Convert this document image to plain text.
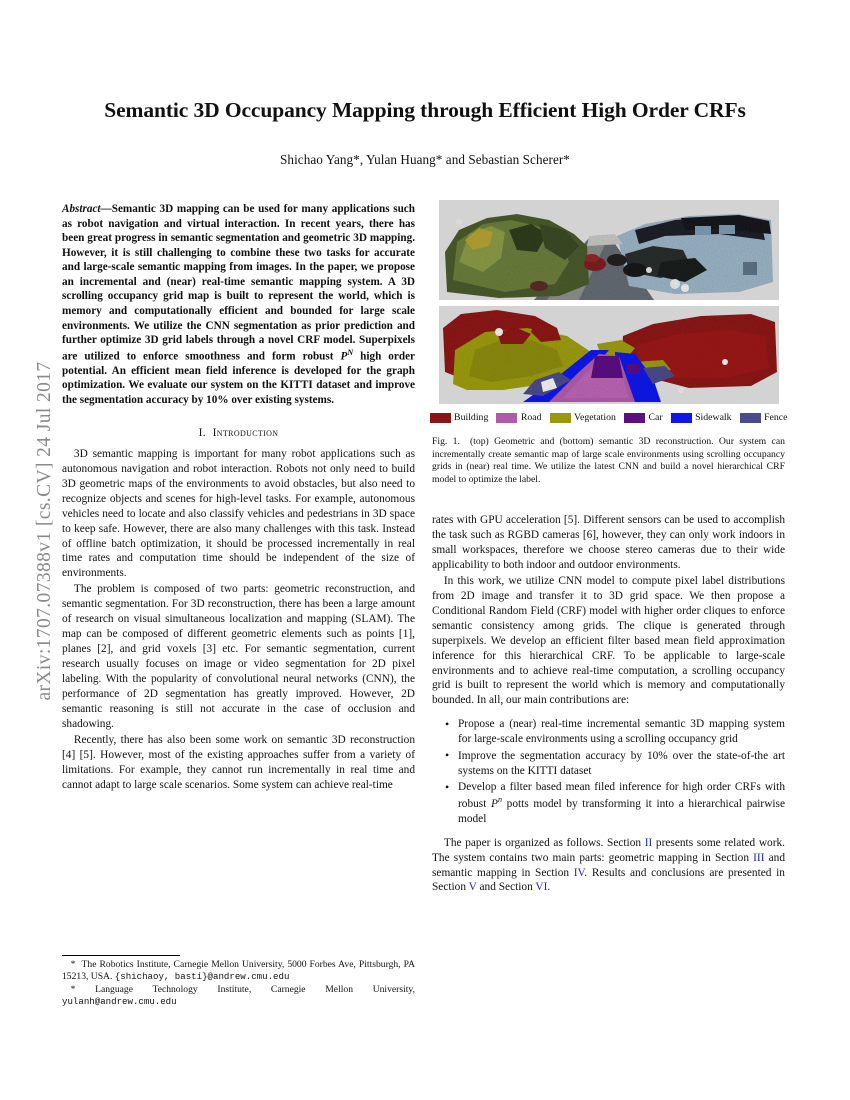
arXiv:1707.07388v1 [cs.CV] 24 Jul 2017
Semantic 3D Occupancy Mapping through Efficient High Order CRFs
Shichao Yang*, Yulan Huang* and Sebastian Scherer*

Abstract—Semantic 3D mapping can be used for many applications such as robot navigation and virtual interaction. In recent years, there has been great progress in semantic segmentation and geometric 3D mapping. However, it is still challenging to combine these two tasks for accurate and large-scale semantic mapping from images. In the paper, we propose an incremental and (near) real-time semantic mapping system. A 3D scrolling occupancy grid map is built to represent the world, which is memory and computationally efficient and bounded for large scale environments. We utilize the CNN segmentation as prior prediction and further optimize 3D grid labels through a novel CRF model. Superpixels are utilized to enforce smoothness and form robust $P^N$ high order potential. An efficient mean field inference is developed for the graph optimization. We evaluate our system on the KITTI dataset and improve the segmentation accuracy by 10% over existing systems.

I. Introduction

3D semantic mapping is important for many robot applications such as autonomous navigation and robot interaction. Robots not only need to build 3D geometric maps of the environments to avoid obstacles, but also need to recognize objects and scenes for high-level tasks. For example, autonomous vehicles need to locate and also classify vehicles and pedestrians in 3D space to keep safe. However, there are also many challenges with this task. Instead of offline batch optimization, it should be processed incrementally in real time rates and computation time should be independent of the size of environments.

The problem is composed of two parts: geometric reconstruction, and semantic segmentation. For 3D reconstruction, there has been a large amount of research on visual simultaneous localization and mapping (SLAM). The map can be composed of different geometric elements such as points [1], planes [2], and grid voxels [3] etc. For semantic segmentation, current research usually focuses on image or video segmentation for 2D pixel labeling. With the popularity of convolutional neural networks (CNN), the performance of 2D segmentation has greatly improved. However, 2D semantic reasoning is still not accurate in the case of occlusion and shadowing.

Recently, there has also been some work on semantic 3D reconstruction [4] [5]. However, most of the existing approaches suffer from a variety of limitations. For example, they cannot run incrementally in real time and cannot adapt to large scale scenarios. Some system can achieve real-time

* The Robotics Institute, Carnegie Mellon University, 5000 Forbes Ave, Pittsburgh, PA 15213, USA. {shichaoy, basti}@andrew.cmu.edu

* Language Technology Institute, Carnegie Mellon University, yulanh@andrew.cmu.edu

Building	Road	Vegetation	Car	Sidewalk	Fence
Fig. 1. (top) Geometric and (bottom) semantic 3D reconstruction. Our system can incrementally create semantic map of large scale environments using scrolling occupancy grids in (near) real time. We utilize the latest CNN and build a novel hierarchical CRF model to optimize the label.

rates with GPU acceleration [5]. Different sensors can be used to accomplish the task such as RGBD cameras [6], however, they can only work indoors in small workspaces, therefore we choose stereo cameras due to their wide applicability to both indoor and outdoor environments.

In this work, we utilize CNN model to compute pixel label distributions from 2D image and transfer it to 3D grid space. We then propose a Conditional Random Field (CRF) model with higher order cliques to enforce semantic consistency among grids. The clique is generated through superpixels. We develop an efficient filter based mean field approximation inference for this hierarchical CRF. To be applicable to large-scale environments and to achieve real-time computation, a scrolling occupancy grid is built to represent the world which is memory and computationally bounded. In all, our main contributions are:

• Propose a (near) real-time incremental semantic 3D mapping system for large-scale environments using a scrolling occupancy grid
• Improve the segmentation accuracy by 10% over the state-of-the art systems on the KITTI dataset
• Develop a filter based mean filed inference for high order CRFs with robust $P^n$ potts model by transforming it into a hierarchical pairwise model

The paper is organized as follows. Section II presents some related work. The system contains two main parts: geometric mapping in Section III and semantic mapping in Section IV. Results and conclusions are presented in Section V and Section VI.
